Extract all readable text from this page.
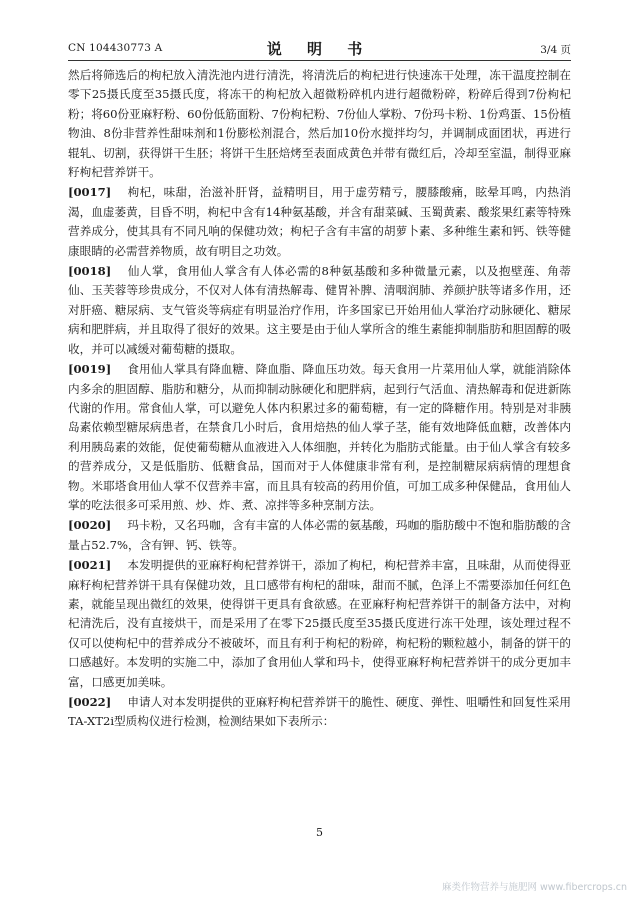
CN 104430773 A	说 明 书	3/4 页

然后将筛选后的枸杞放入清洗池内进行清洗，将清洗后的枸杞进行快速冻干处理，冻干温度控制在零下25摄氏度至35摄氏度，将冻干的枸杞放入超微粉碎机内进行超微粉碎，粉碎后得到7份枸杞粉；将60份亚麻籽粉、60份低筋面粉、7份枸杞粉、7份仙人掌粉、7份玛卡粉、1份鸡蛋、15份植物油、8份非营养性甜味剂和1份膨松剂混合，然后加10份水搅拌均匀，并调制成面团状，再进行辊轧、切割，获得饼干生胚；将饼干生胚焙烤至表面成黄色并带有微红后，冷却至室温，制得亚麻籽枸杞营养饼干。

[0017] 枸杞，味甜，治滋补肝肾，益精明目，用于虚劳精亏，腰膝酸痛，眩晕耳鸣，内热消渴，血虚萎黄，目昏不明，枸杞中含有14种氨基酸，并含有甜菜碱、玉蜀黄素、酸浆果红素等特殊营养成分，使其具有不同凡响的保健功效；枸杞子含有丰富的胡萝卜素、多种维生素和钙、铁等健康眼睛的必需营养物质，故有明目之功效。

[0018] 仙人掌，食用仙人掌含有人体必需的8种氨基酸和多种微量元素，以及抱壁莲、角蒂仙、玉芙蓉等珍贵成分，不仅对人体有清热解毒、健胃补脾、清咽润肺、养颜护肤等诸多作用，还对肝癌、糖尿病、支气管炎等病症有明显治疗作用，许多国家已开始用仙人掌治疗动脉硬化、糖尿病和肥胖病，并且取得了很好的效果。这主要是由于仙人掌所含的维生素能抑制脂肪和胆固醇的吸收，并可以减缓对葡萄糖的摄取。

[0019] 食用仙人掌具有降血糖、降血脂、降血压功效。每天食用一片菜用仙人掌，就能消除体内多余的胆固醇、脂肪和糖分，从而抑制动脉硬化和肥胖病，起到行气活血、清热解毒和促进新陈代谢的作用。常食仙人掌，可以避免人体内积累过多的葡萄糖，有一定的降糖作用。特别是对非胰岛素依赖型糖尿病患者，在禁食几小时后，食用焙热的仙人掌子茎，能有效地降低血糖，改善体内利用胰岛素的效能，促使葡萄糖从血液进入人体细胞，并转化为脂肪式能量。由于仙人掌含有较多的营养成分，又是低脂肪、低糖食品，国而对于人体健康非常有利，是控制糖尿病病情的理想食物。米耶塔食用仙人掌不仅营养丰富，而且具有较高的药用价值，可加工成多种保健品，食用仙人掌的吃法很多可采用煎、炒、炸、煮、凉拌等多种烹制方法。

[0020] 玛卡粉，又名玛咖，含有丰富的人体必需的氨基酸，玛咖的脂肪酸中不饱和脂肪酸的含量占52.7%，含有钾、钙、铁等。

[0021] 本发明提供的亚麻籽枸杞营养饼干，添加了枸杞，枸杞营养丰富，且味甜，从而使得亚麻籽枸杞营养饼干具有保健功效，且口感带有枸杞的甜味，甜而不腻，色泽上不需要添加任何红色素，就能呈现出微红的效果，使得饼干更具有食欲感。在亚麻籽枸杞营养饼干的制备方法中，对枸杞清洗后，没有直接烘干，而是采用了在零下25摄氏度至35摄氏度进行冻干处理，该处理过程不仅可以使枸杞中的营养成分不被破坏，而且有利于枸杞的粉碎，枸杞粉的颗粒越小，制备的饼干的口感越好。本发明的实施二中，添加了食用仙人掌和玛卡，使得亚麻籽枸杞营养饼干的成分更加丰富，口感更加美味。

[0022] 申请人对本发明提供的亚麻籽枸杞营养饼干的脆性、硬度、弹性、咀嚼性和回复性采用TA-XT2i型质构仪进行检测，检测结果如下表所示：

5
麻类作物营养与施肥网 www.fibercrops.cn
